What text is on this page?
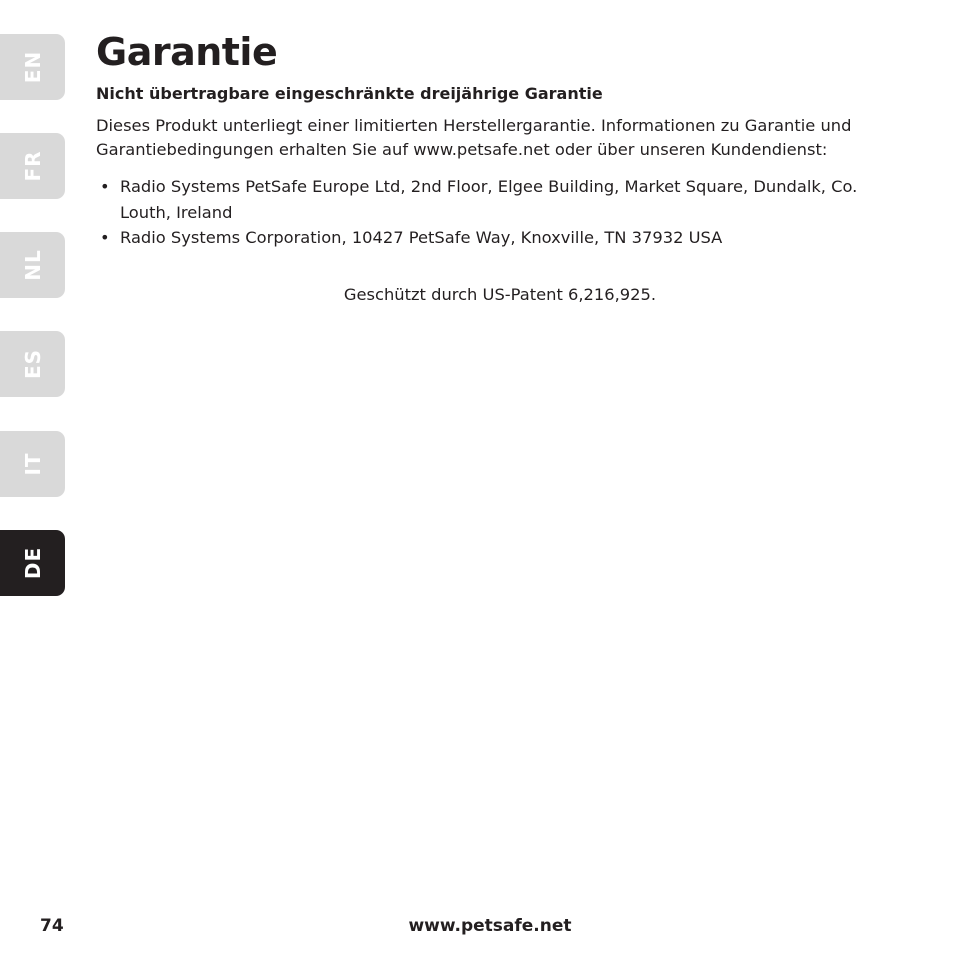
EN
FR
NL
ES
IT
DE
Garantie
Nicht übertragbare eingeschränkte dreijährige Garantie

Dieses Produkt unterliegt einer limitierten Herstellergarantie. Informationen zu Garantie und Garantiebedingungen erhalten Sie auf www.petsafe.net oder über unseren Kundendienst:

• Radio Systems PetSafe Europe Ltd, 2nd Floor, Elgee Building, Market Square, Dundalk, Co. Louth, Ireland
• Radio Systems Corporation, 10427 PetSafe Way, Knoxville, TN 37932 USA

Geschützt durch US-Patent 6,216,925.

74	www.petsafe.net
